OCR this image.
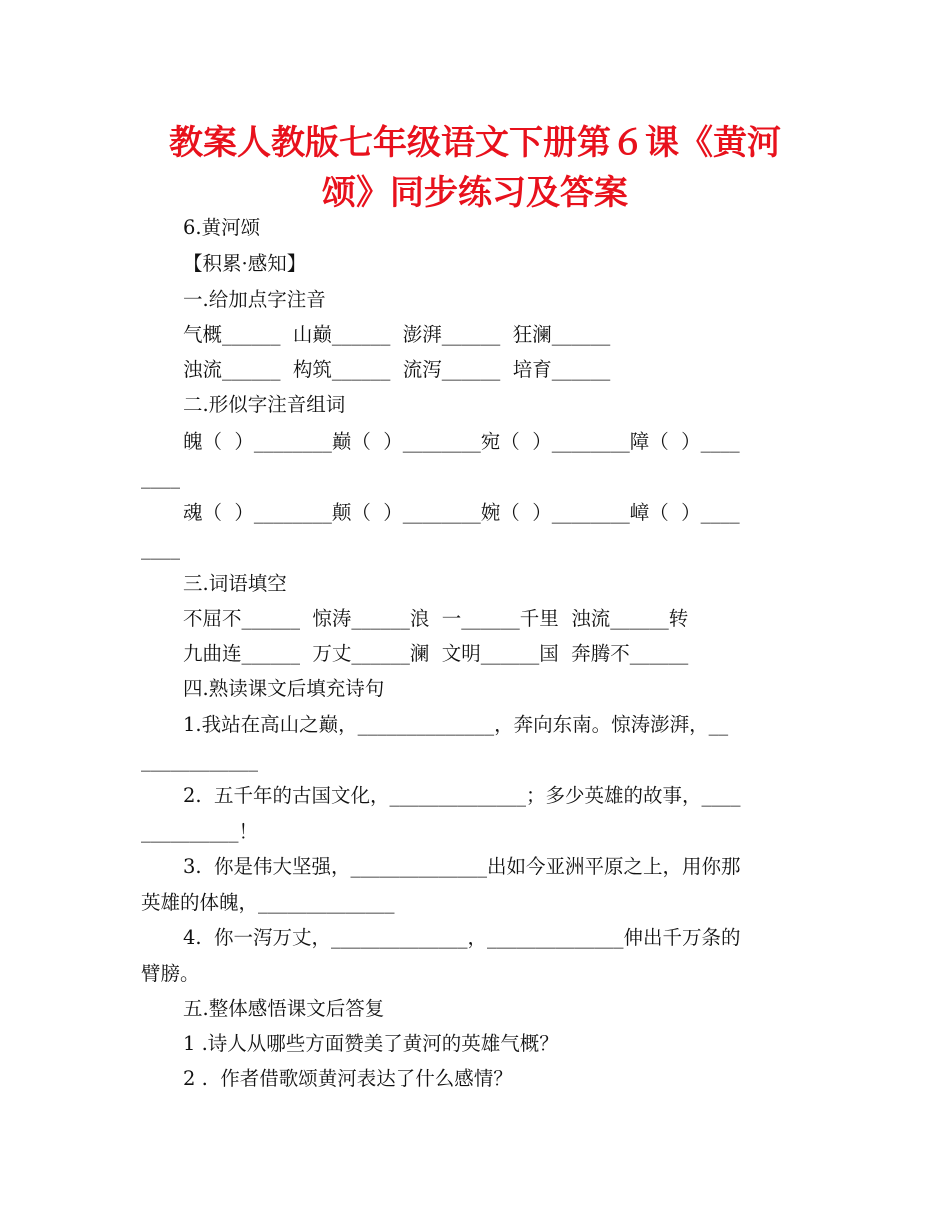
教案人教版七年级语文下册第６课《黄河
颂》同步练习及答案
6.黄河颂
【积累·感知】
一.给加点字注音
气概______  山巅______  澎湃______  狂澜______
浊流______  构筑______  流泻______  培育______
二.形似字注音组词
魄（  ）________巅（  ）________宛（  ）________障（  ）____
____
魂（  ）________颠（  ）________婉（  ）________嶂（  ）____
____
三.词语填空
不屈不______  惊涛______浪  一______千里  浊流______转
九曲连______  万丈______澜  文明______国  奔腾不______
四.熟读课文后填充诗句
1.我站在高山之巅，______________，奔向东南。惊涛澎湃，__
____________
2.  五千年的古国文化，______________；多少英雄的故事，____
__________！
3.  你是伟大坚强，______________出如今亚洲平原之上，用你那
英雄的体魄，______________
4.  你一泻万丈，______________，______________伸出千万条的
臂膀。
五.整体感悟课文后答复
1 .诗人从哪些方面赞美了黄河的英雄气概？
2 .  作者借歌颂黄河表达了什么感情？
